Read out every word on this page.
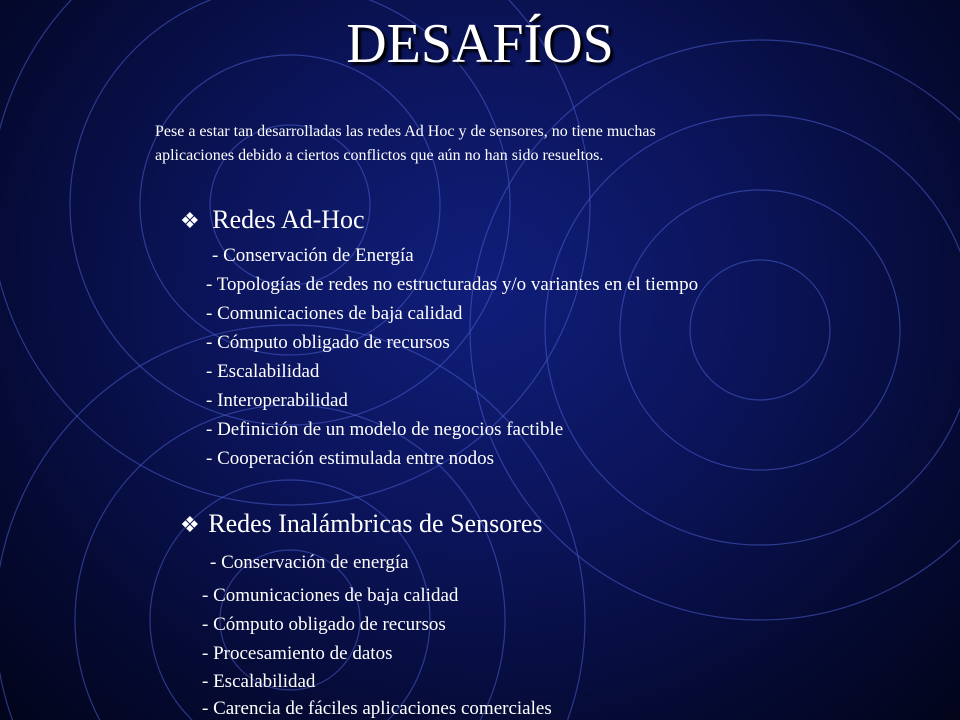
DESAFÍOS
Pese a estar tan desarrolladas las redes Ad Hoc y de sensores, no tiene muchas
aplicaciones debido a ciertos conflictos que aún no han sido resueltos.
❖ Redes Ad-Hoc
- Conservación de Energía
- Topologías de redes no estructuradas y/o variantes en el tiempo
- Comunicaciones de baja calidad
- Cómputo obligado de recursos
- Escalabilidad
- Interoperabilidad
- Definición de un modelo de negocios factible
- Cooperación estimulada entre nodos
❖ Redes Inalámbricas de Sensores
- Conservación de energía
- Comunicaciones de baja calidad
- Cómputo obligado de recursos
- Procesamiento de datos
- Escalabilidad
- Carencia de fáciles aplicaciones comerciales
